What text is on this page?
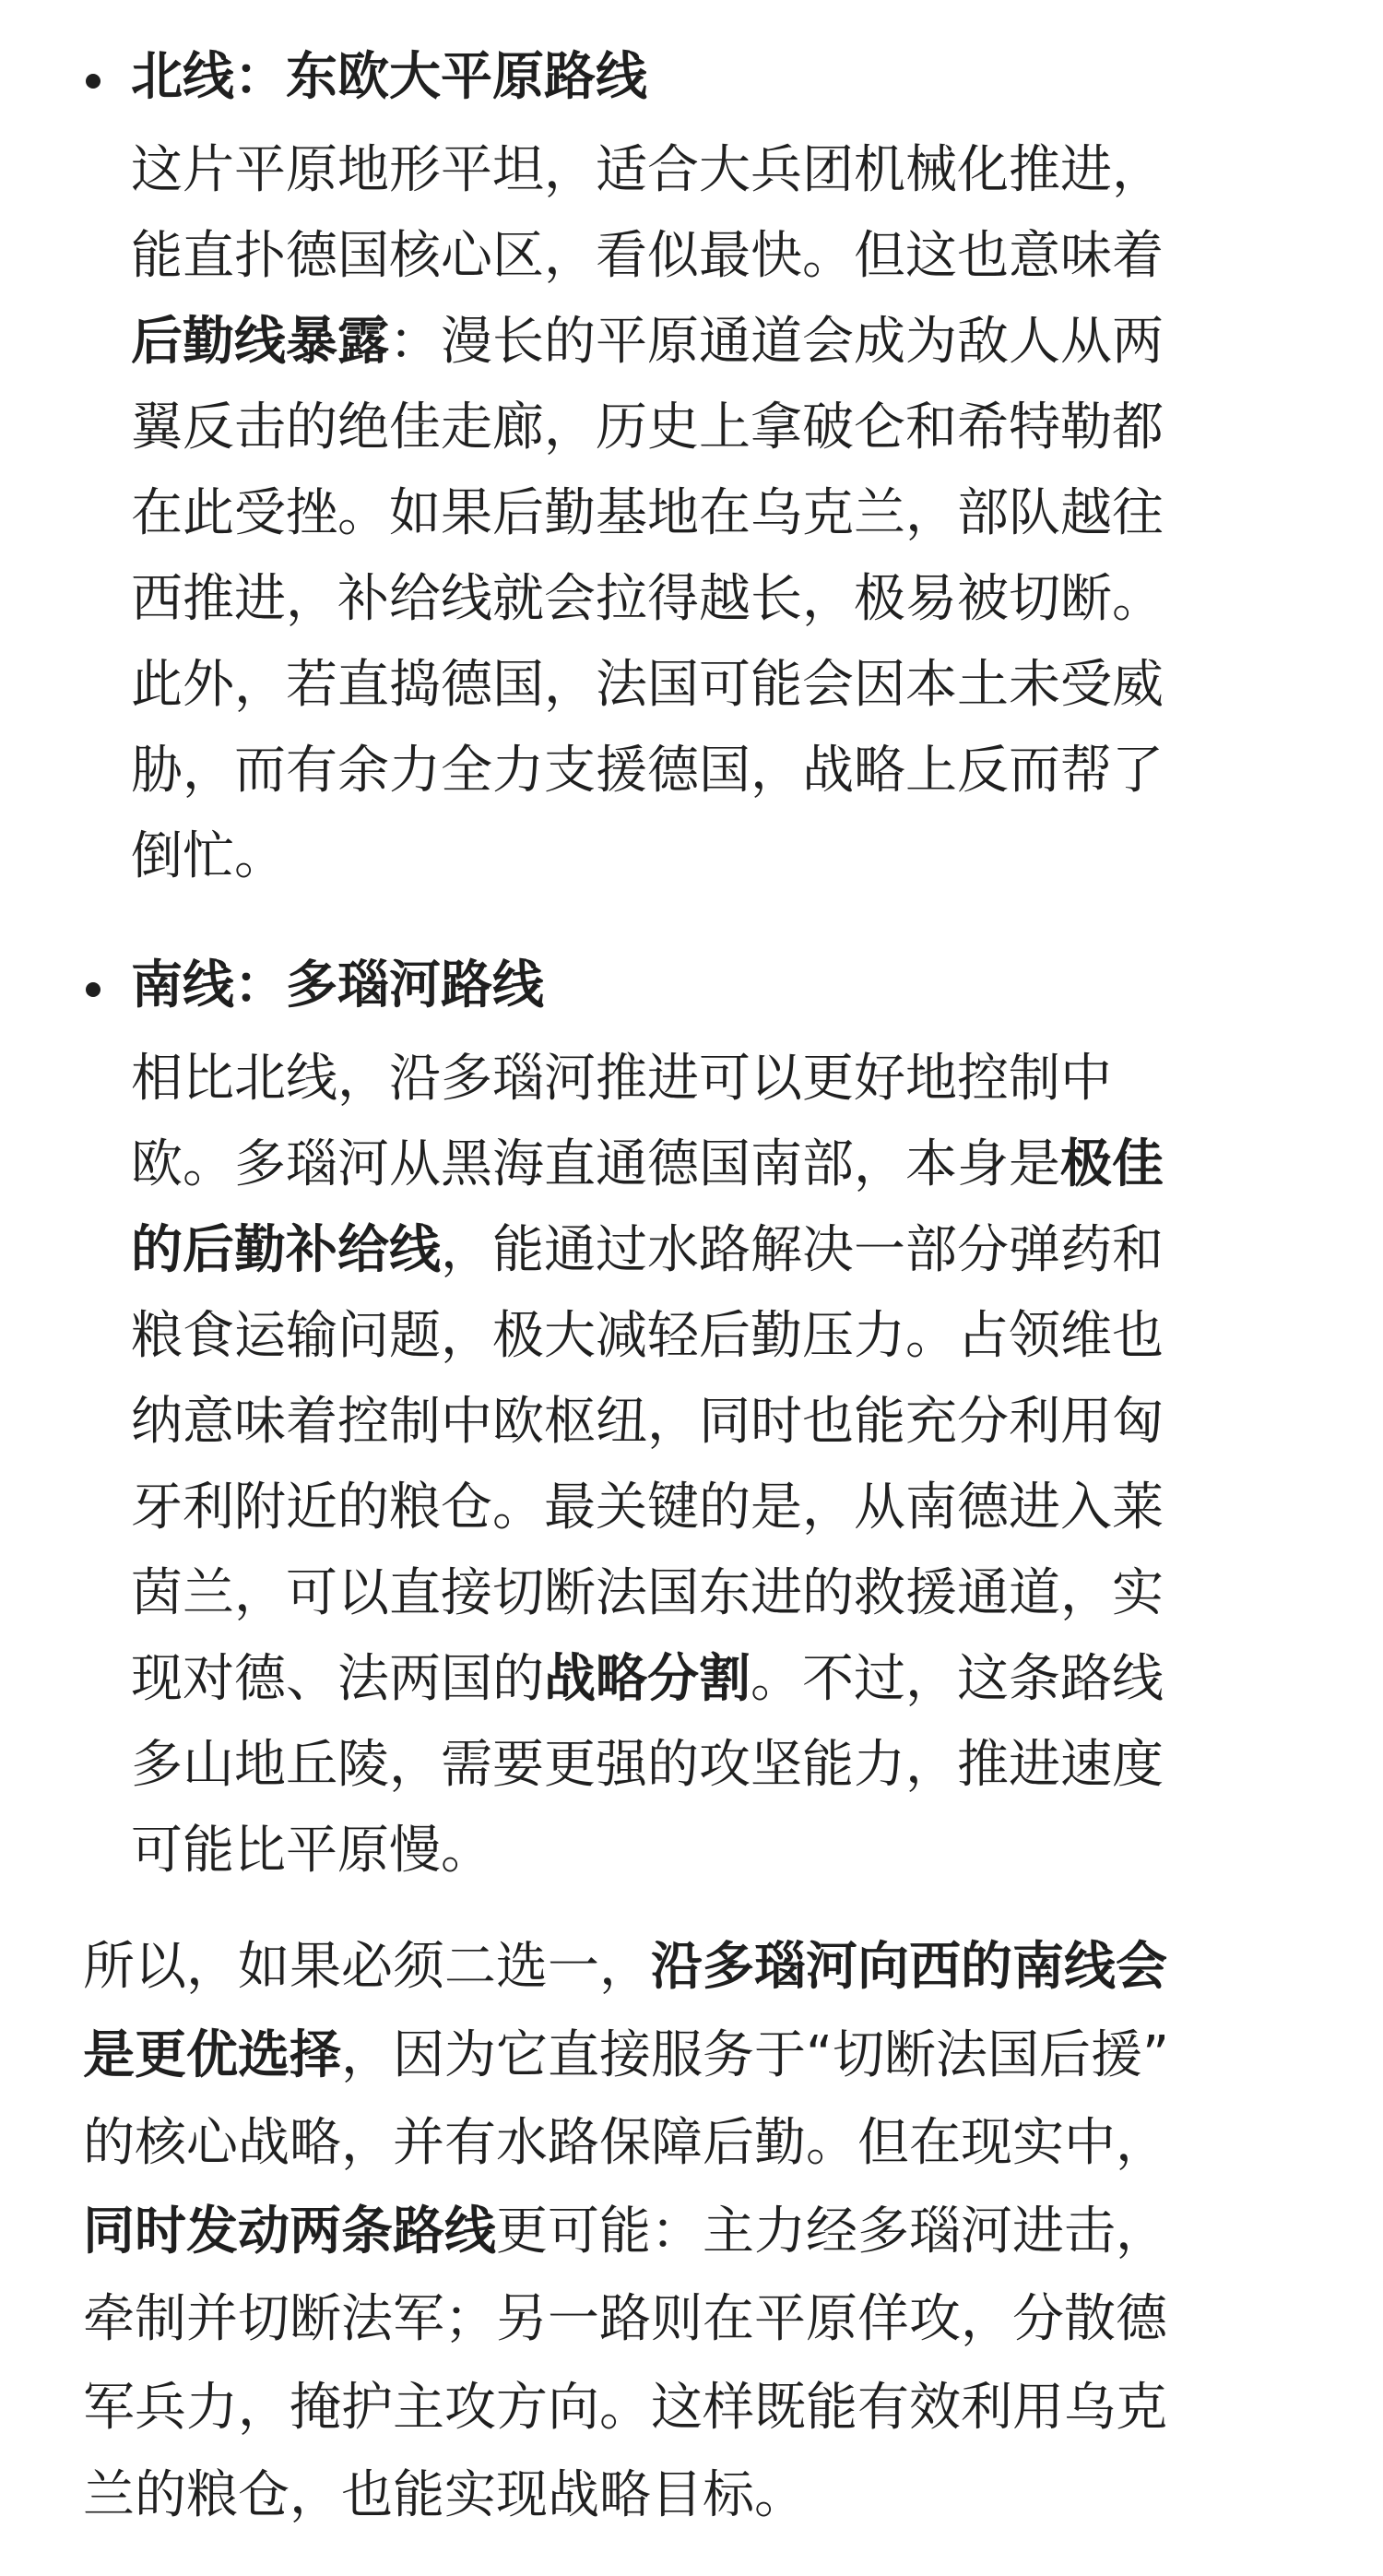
北线：东欧大平原路线

这片平原地形平坦，适合大兵团机械化推进，
能直扑德国核心区，看似最快。但这也意味着
后勤线暴露：漫长的平原通道会成为敌人从两
翼反击的绝佳走廊，历史上拿破仑和希特勒都
在此受挫。如果后勤基地在乌克兰，部队越往
西推进，补给线就会拉得越长，极易被切断。
此外，若直捣德国，法国可能会因本土未受威
胁，而有余力全力支援德国，战略上反而帮了
倒忙。

南线：多瑙河路线

相比北线，沿多瑙河推进可以更好地控制中
欧。多瑙河从黑海直通德国南部，本身是极佳
的后勤补给线，能通过水路解决一部分弹药和
粮食运输问题，极大减轻后勤压力。占领维也
纳意味着控制中欧枢纽，同时也能充分利用匈
牙利附近的粮仓。最关键的是，从南德进入莱
茵兰，可以直接切断法国东进的救援通道，实
现对德、法两国的战略分割。不过，这条路线
多山地丘陵，需要更强的攻坚能力，推进速度
可能比平原慢。

所以，如果必须二选一，沿多瑙河向西的南线会
是更优选择，因为它直接服务于“切断法国后援”
的核心战略，并有水路保障后勤。但在现实中，
同时发动两条路线更可能：主力经多瑙河进击，
牵制并切断法军；另一路则在平原佯攻，分散德
军兵力，掩护主攻方向。这样既能有效利用乌克
兰的粮仓，也能实现战略目标。
